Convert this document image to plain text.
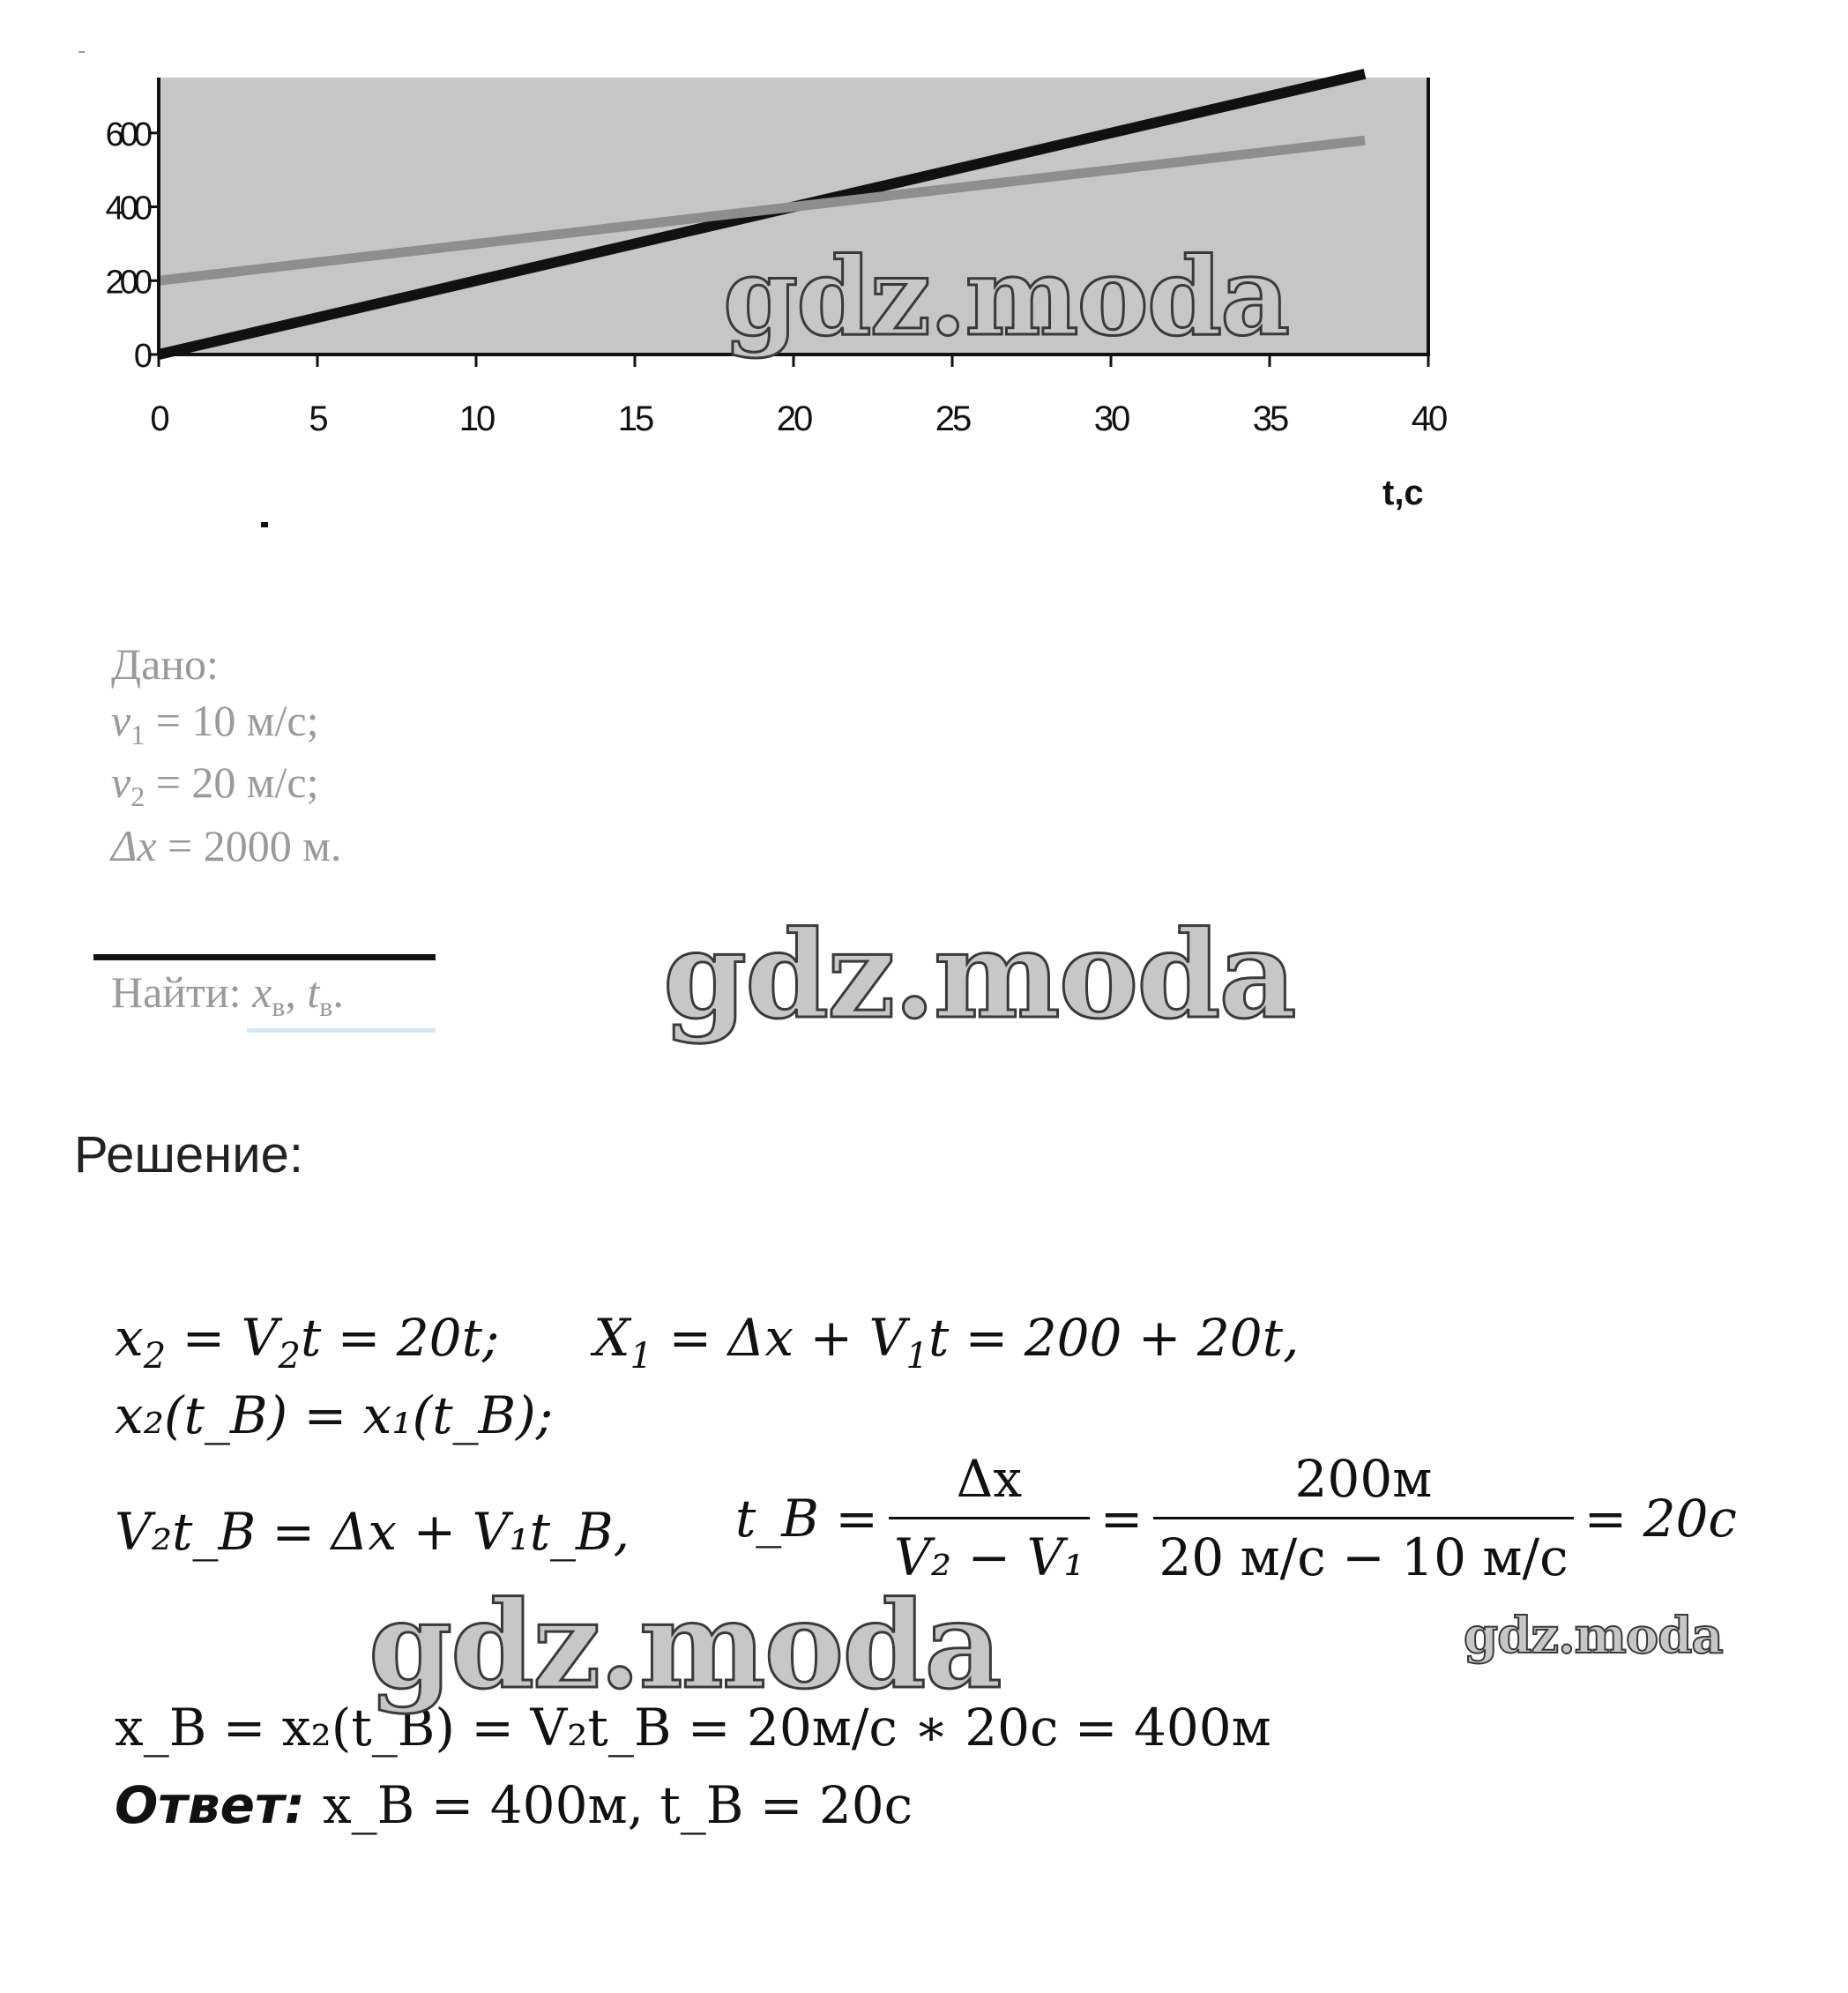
0	5	10	15	20	25	30	35	40
0
200
400
600
t,c
⁻
gdz.moda
Дано:
$v_1 = 10$ м/с;
$v_2 = 20$ м/с;
Δx = 2000 м.
Найти: $x_в$, $t_в$.	gdz.moda
Решение:
$x_2 = V_2t = 20t$; $X_1 = \Delta x + V_1t = 200 + 20t$,
x₂(t_B) = x₁(t_B);
V₂t_B = Δx + V₁t_B, t_B = $\frac{\Delta x}{\text{V₂ − V₁}} = \frac{200м}{20 м/с - 10 м/с} = 20c$
x_B = x₂(t_B) = V₂t_B = 20м/с ∗ 20с = 400м
Ответ: x_B = 400м, t_B = 20с
gdz.moda	gdz.moda
